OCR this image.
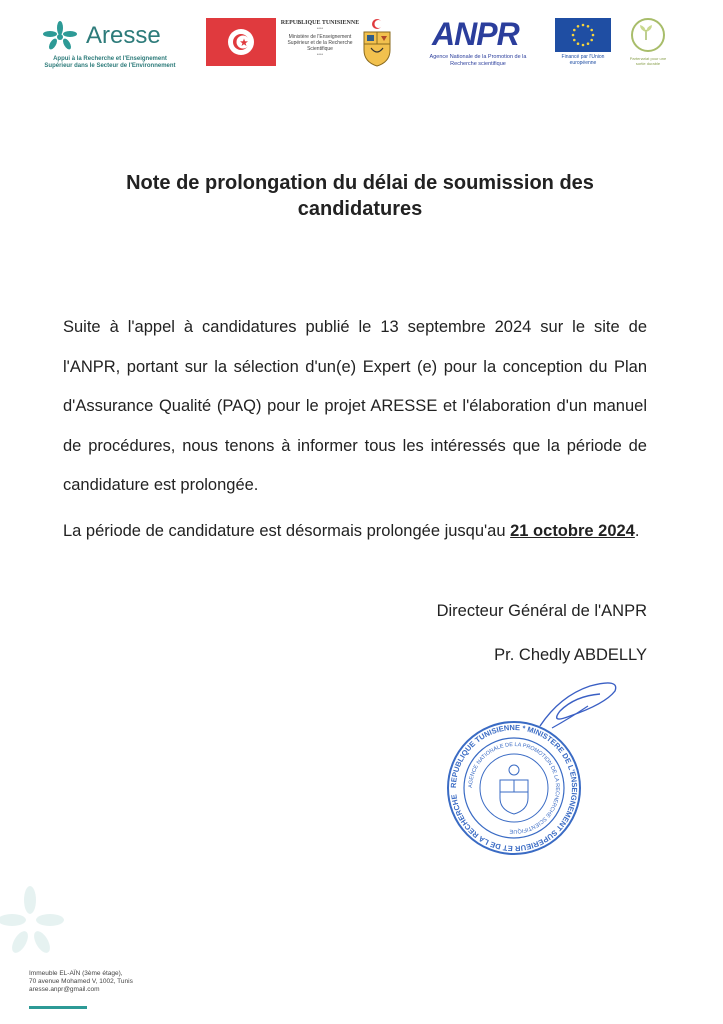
Aresse
Appui à la Recherche et l'Enseignement Supérieur dans le Secteur de l'Environnement
REPUBLIQUE TUNISIENNE
****
Ministère de l'Enseignement Supérieur et de la Recherche Scientifique
****
ANPR
Agence Nationale de la Promotion de la Recherche scientifique
Financé par l'Union européenne
Partenariat pour une sortie durable
Note de prolongation du délai de soumission des candidatures
Suite à l'appel à candidatures publié le 13 septembre 2024 sur le site de l'ANPR, portant sur la sélection d'un(e) Expert (e) pour la conception du Plan d'Assurance Qualité (PAQ) pour le projet ARESSE et l'élaboration d'un manuel de procédures, nous tenons à informer tous les intéressés que la période de candidature est prolongée.
La période de candidature est désormais prolongée jusqu'au 21 octobre 2024.
Directeur Général de l'ANPR
Pr. Chedly ABDELLY
REPUBLIQUE TUNISIENNE * MINISTERE DE L'ENSEIGNEMENT SUPERIEUR ET DE LA RECHERCHE
AGENCE NATIONALE DE LA PROMOTION DE LA RECHERCHE SCIENTIFIQUE
Immeuble EL-AÏN (3ème étage),
70 avenue Mohamed V, 1002, Tunis
aresse.anpr@gmail.com
